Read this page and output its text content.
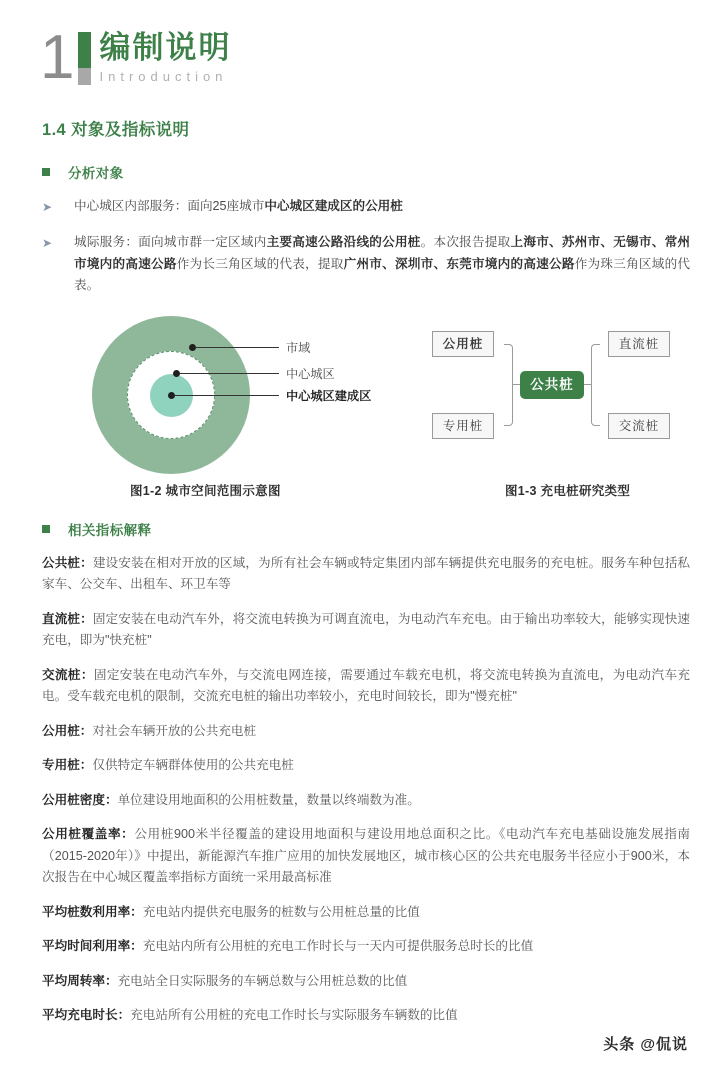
1 编制说明
Introduction
1.4 对象及指标说明
分析对象
➤	中心城区内部服务：面向25座城市中心城区建成区的公用桩
➤	城际服务：面向城市群一定区域内主要高速公路沿线的公用桩。本次报告提取上海市、苏州市、无锡市、常州市境内的高速公路作为长三角区域的代表，提取广州市、深圳市、东莞市境内的高速公路作为珠三角区域的代表。
市域
中心城区
中心城区建成区
公用桩
专用桩
公共桩
直流桩
交流桩
图1-2 城市空间范围示意图	图1-3 充电桩研究类型
相关指标解释

公共桩：建设安装在相对开放的区域，为所有社会车辆或特定集团内部车辆提供充电服务的充电桩。服务车种包括私家车、公交车、出租车、环卫车等

直流桩：固定安装在电动汽车外，将交流电转换为可调直流电，为电动汽车充电。由于输出功率较大，能够实现快速充电，即为"快充桩"

交流桩：固定安装在电动汽车外，与交流电网连接，需要通过车载充电机，将交流电转换为直流电，为电动汽车充电。受车载充电机的限制，交流充电桩的输出功率较小，充电时间较长，即为"慢充桩"

公用桩：对社会车辆开放的公共充电桩

专用桩：仅供特定车辆群体使用的公共充电桩

公用桩密度：单位建设用地面积的公用桩数量，数量以终端数为准。

公用桩覆盖率：公用桩900米半径覆盖的建设用地面积与建设用地总面积之比。《电动汽车充电基础设施发展指南（2015-2020年）》中提出，新能源汽车推广应用的加快发展地区，城市核心区的公共充电服务半径应小于900米，本次报告在中心城区覆盖率指标方面统一采用最高标准

平均桩数利用率：充电站内提供充电服务的桩数与公用桩总量的比值

平均时间利用率：充电站内所有公用桩的充电工作时长与一天内可提供服务总时长的比值

平均周转率：充电站全日实际服务的车辆总数与公用桩总数的比值

平均充电时长：充电站所有公用桩的充电工作时长与实际服务车辆数的比值

头条 @侃说
